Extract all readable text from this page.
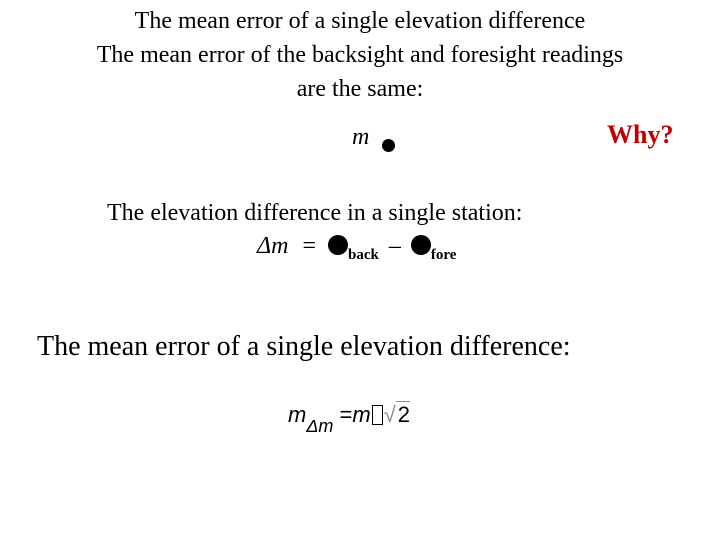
The mean error of a single elevation difference
The mean error of the backsight and foresight readings
are the same:
m	Why?
The elevation difference in a single station:
Δm = $_{back}$ – $_{fore}$
The mean error of a single elevation difference:
$m_{\Delta m} =m$ √2
